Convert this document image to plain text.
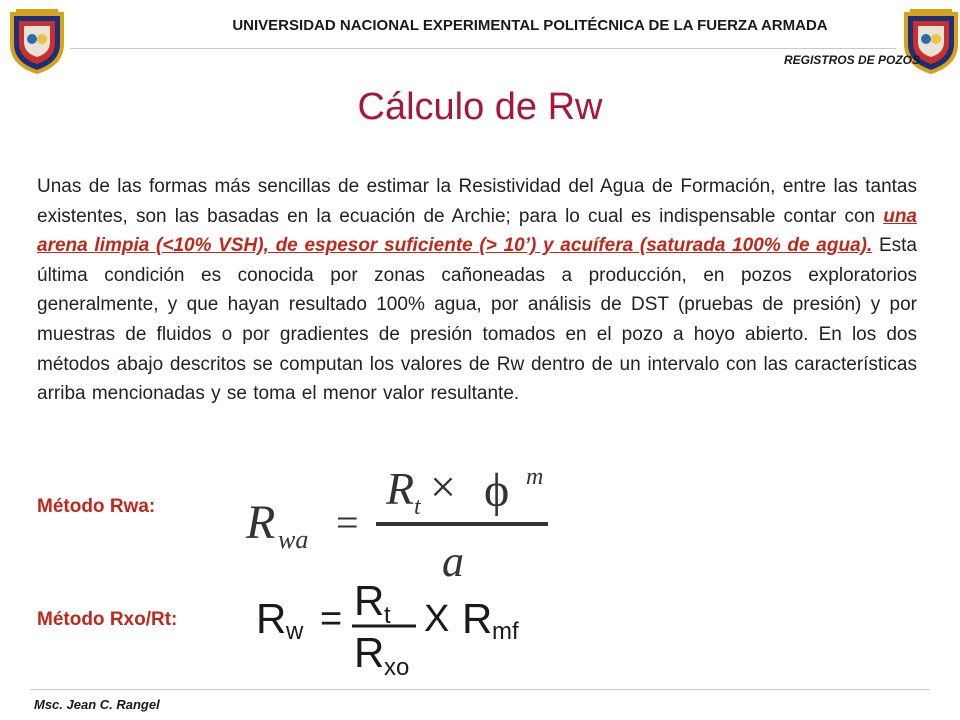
UNIVERSIDAD NACIONAL EXPERIMENTAL POLITÉCNICA DE LA FUERZA ARMADA
REGISTROS DE POZOS
Cálculo de Rw
Unas de las formas más sencillas de estimar la Resistividad del Agua de Formación, entre las tantas existentes, son las basadas en la ecuación de Archie; para lo cual es indispensable contar con una arena limpia (<10% VSH), de espesor suficiente (> 10’) y acuífera (saturada 100% de agua). Esta última condición es conocida por zonas cañoneadas a producción, en pozos exploratorios generalmente, y que hayan resultado 100% agua, por análisis de DST (pruebas de presión) y por muestras de fluidos o por gradientes de presión tomados en el pozo a hoyo abierto. En los dos métodos abajo descritos se computan los valores de Rw dentro de un intervalo con las características arriba mencionadas y se toma el menor valor resultante.
Método Rwa: R wa =
R t × ϕ m
a
Método Rxo/Rt: R w = R t
R xo
X R mf
Msc. Jean C. Rangel
